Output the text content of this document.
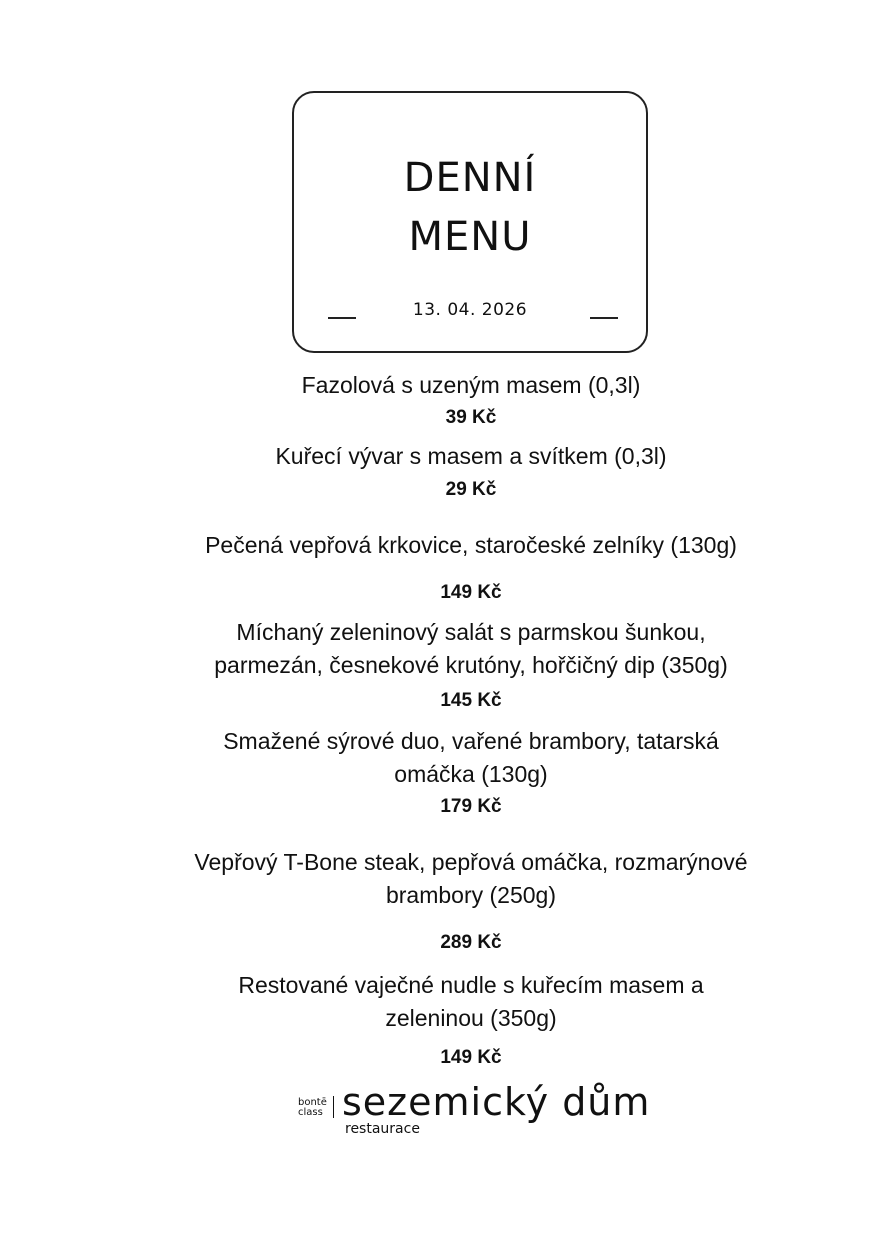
DENNÍ
MENU
13. 04. 2026
Fazolová s uzeným masem (0,3l)
39 Kč
Kuřecí vývar s masem a svítkem (0,3l)
29 Kč
Pečená vepřová krkovice, staročeské zelníky (130g)
149 Kč
Míchaný zeleninový salát s parmskou šunkou,
parmezán, česnekové krutóny, hořčičný dip (350g)
145 Kč
Smažené sýrové duo, vařené brambory, tatarská
omáčka (130g)
179 Kč
Vepřový T-Bone steak, pepřová omáčka, rozmarýnové
brambory (250g)
289 Kč
Restované vaječné nudle s kuřecím masem a
zeleninou (350g)
149 Kč
bontē
class sezemický dům
restaurace
